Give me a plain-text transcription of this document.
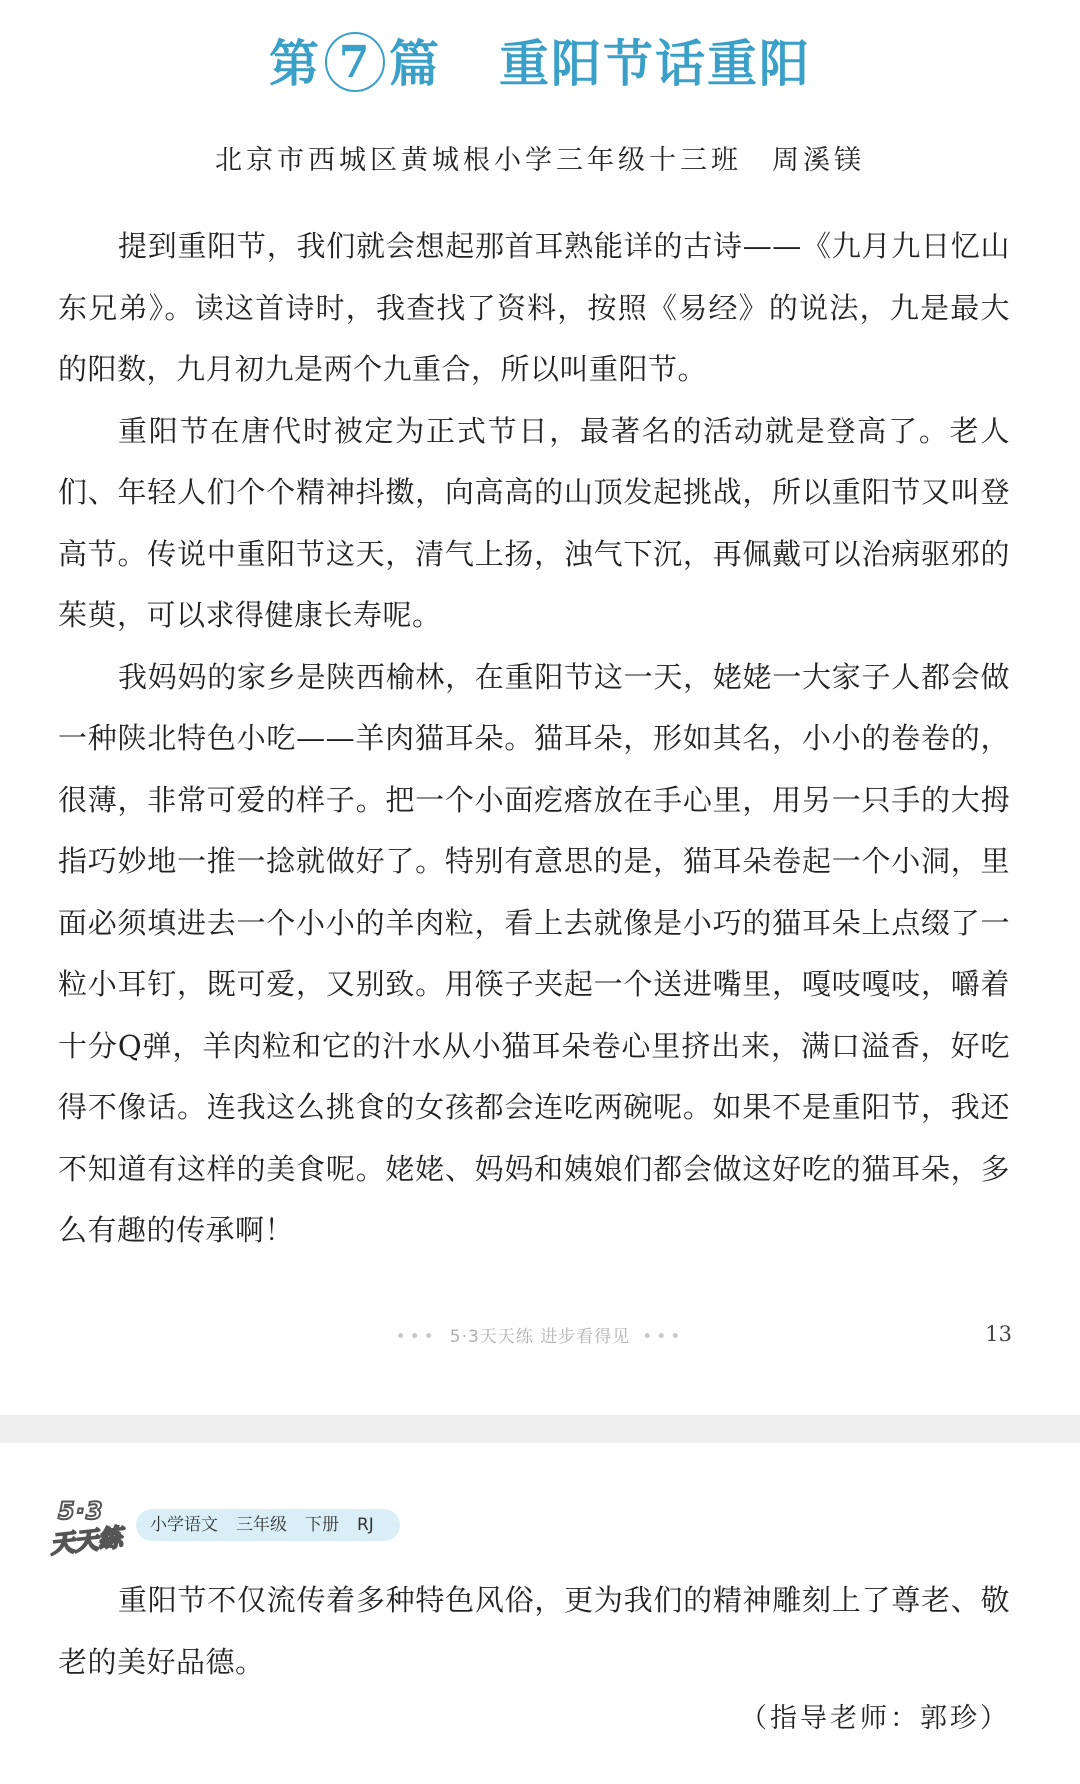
第 7 篇 重阳节话重阳
北京市西城区黄城根小学三年级十三班 周溪镁

提到重阳节，我们就会想起那首耳熟能详的古诗——《九月九日忆山东兄弟》。读这首诗时，我查找了资料，按照《易经》的说法，九是最大的阳数，九月初九是两个九重合，所以叫重阳节。

重阳节在唐代时被定为正式节日，最著名的活动就是登高了。老人们、年轻人们个个精神抖擞，向高高的山顶发起挑战，所以重阳节又叫登高节。传说中重阳节这天，清气上扬，浊气下沉，再佩戴可以治病驱邪的茱萸，可以求得健康长寿呢。

我妈妈的家乡是陕西榆林，在重阳节这一天，姥姥一大家子人都会做一种陕北特色小吃——羊肉猫耳朵。猫耳朵，形如其名，小小的卷卷的，很薄，非常可爱的样子。把一个小面疙瘩放在手心里，用另一只手的大拇指巧妙地一推一捻就做好了。特别有意思的是，猫耳朵卷起一个小洞，里面必须填进去一个小小的羊肉粒，看上去就像是小巧的猫耳朵上点缀了一粒小耳钉，既可爱，又别致。用筷子夹起一个送进嘴里，嘎吱嘎吱，嚼着十分Q弹，羊肉粒和它的汁水从小猫耳朵卷心里挤出来，满口溢香，好吃得不像话。连我这么挑食的女孩都会连吃两碗呢。如果不是重阳节，我还不知道有这样的美食呢。姥姥、妈妈和姨娘们都会做这好吃的猫耳朵，多么有趣的传承啊！

••• 5·3天天练 进步看得见 •••	13
5·3
天天练	小学语文 三年级 下册 RJ

重阳节不仅流传着多种特色风俗，更为我们的精神雕刻上了尊老、敬老的美好品德。

（指导老师：郭珍）
